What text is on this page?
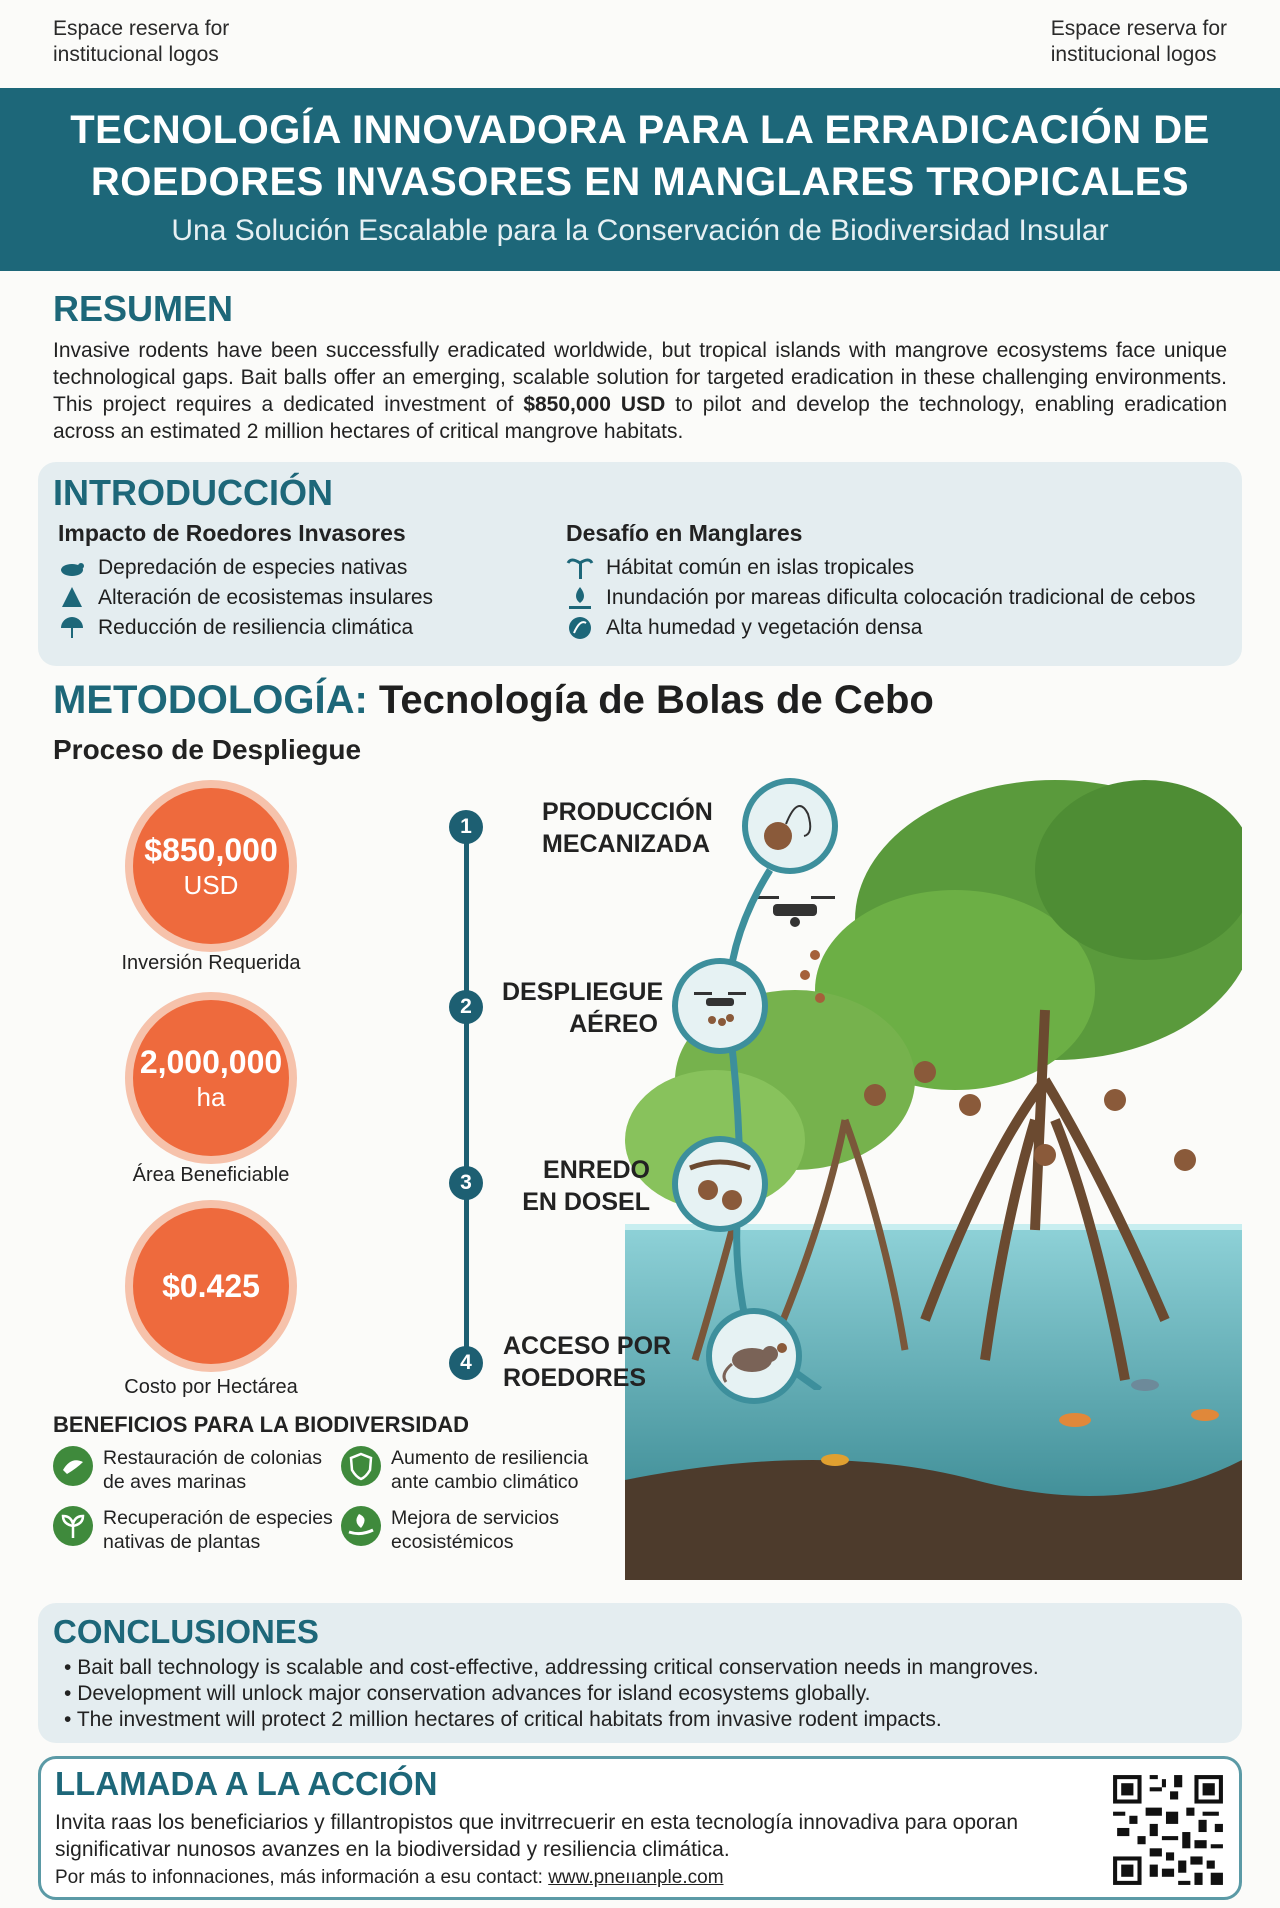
Espace reserva for
institucional logos
Espace reserva for
institucional logos
TECNOLOGÍA INNOVADORA PARA LA ERRADICACIÓN DE
ROEDORES INVASORES EN MANGLARES TROPICALES
Una Solución Escalable para la Conservación de Biodiversidad Insular
RESUMEN
Invasive rodents have been successfully eradicated worldwide, but tropical islands with mangrove ecosystems face unique technological gaps. Bait balls offer an emerging, scalable solution for targeted eradication in these challenging environments. This project requires a dedicated investment of $850,000 USD to pilot and develop the technology, enabling eradication across an estimated 2 million hectares of critical mangrove habitats.
INTRODUCCIÓN
Impacto de Roedores Invasores
Depredación de especies nativas
Alteración de ecosistemas insulares
Reducción de resiliencia climática
Desafío en Manglares
Hábitat común en islas tropicales
Inundación por mareas dificulta colocación tradicional de cebos
Alta humedad y vegetación densa
METODOLOGÍA: Tecnología de Bolas de Cebo
Proceso de Despliegue
$850,000
USD
Inversión Requerida
2,000,000
ha
Área Beneficiable
$0.425
Costo por Hectárea
1
PRODUCCIÓN
MECANIZADA
2
DESPLIEGUE
AÉREO
3	ENREDO
EN DOSEL
4
ACCESO POR
ROEDORES
BENEFICIOS PARA LA BIODIVERSIDAD
Restauración de colonias
de aves marinas
Aumento de resiliencia
ante cambio climático
Recuperación de especies
nativas de plantas
Mejora de servicios
ecosistémicos
CONCLUSIONES
• Bait ball technology is scalable and cost-effective, addressing critical conservation needs in mangroves.
• Development will unlock major conservation advances for island ecosystems globally.
• The investment will protect 2 million hectares of critical habitats from invasive rodent impacts.
LLAMADA A LA ACCIÓN
Invita raas los beneficiarios y fillantropistos que invitrrecuerir en esta tecnología innovadiva para oporan significativar nunosos avanzes en la biodiversidad y resiliencia climática.
Por más to infonnaciones, más información a esu contact: www.pneııanple.com
